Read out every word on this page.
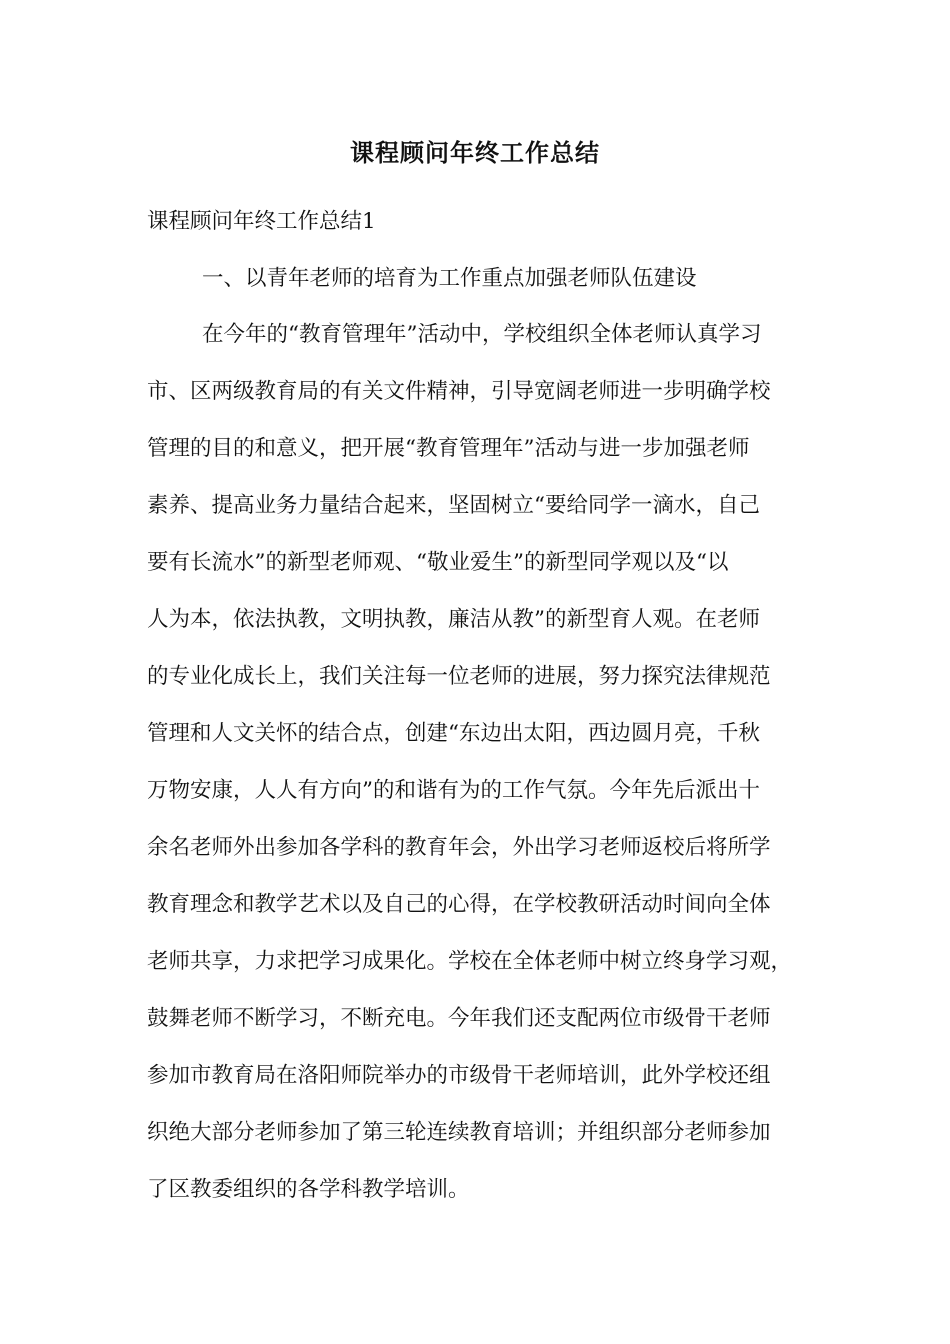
课程顾问年终工作总结

课程顾问年终工作总结1

一、以青年老师的培育为工作重点加强老师队伍建设

在今年的“教育管理年”活动中，学校组织全体老师认真学习

市、区两级教育局的有关文件精神，引导宽阔老师进一步明确学校

管理的目的和意义，把开展“教育管理年”活动与进一步加强老师

素养、提高业务力量结合起来，坚固树立“要给同学一滴水，自己

要有长流水”的新型老师观、“敬业爱生”的新型同学观以及“以

人为本，依法执教，文明执教，廉洁从教”的新型育人观。在老师

的专业化成长上，我们关注每一位老师的进展，努力探究法律规范

管理和人文关怀的结合点，创建“东边出太阳，西边圆月亮，千秋

万物安康，人人有方向”的和谐有为的工作气氛。今年先后派出十

余名老师外出参加各学科的教育年会，外出学习老师返校后将所学

教育理念和教学艺术以及自己的心得，在学校教研活动时间向全体

老师共享，力求把学习成果化。学校在全体老师中树立终身学习观，

鼓舞老师不断学习，不断充电。今年我们还支配两位市级骨干老师

参加市教育局在洛阳师院举办的市级骨干老师培训，此外学校还组

织绝大部分老师参加了第三轮连续教育培训；并组织部分老师参加

了区教委组织的各学科教学培训。
